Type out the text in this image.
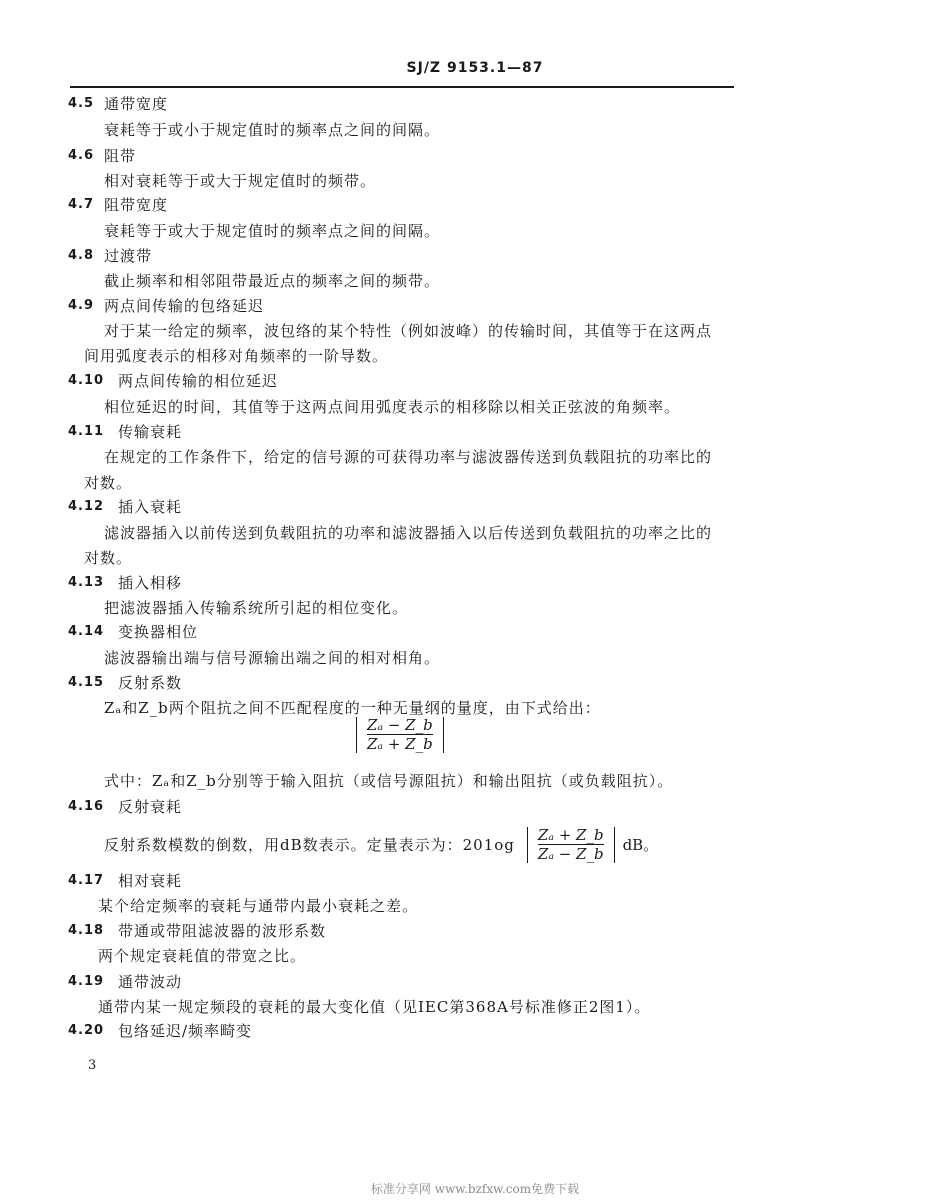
SJ/Z 9153.1—87
4.5 通带宽度
衰耗等于或小于规定值时的频率点之间的间隔。
4.6 阻带
相对衰耗等于或大于规定值时的频带。
4.7 阻带宽度
衰耗等于或大于规定值时的频率点之间的间隔。
4.8 过渡带
截止频率和相邻阻带最近点的频率之间的频带。
4.9 两点间传输的包络延迟
对于某一给定的频率，波包络的某个特性（例如波峰）的传输时间，其值等于在这两点
间用弧度表示的相移对角频率的一阶导数。
4.10 两点间传输的相位延迟
相位延迟的时间，其值等于这两点间用弧度表示的相移除以相关正弦波的角频率。
4.11 传输衰耗
在规定的工作条件下，给定的信号源的可获得功率与滤波器传送到负载阻抗的功率比的
对数。
4.12 插入衰耗
滤波器插入以前传送到负载阻抗的功率和滤波器插入以后传送到负载阻抗的功率之比的
对数。
4.13 插入相移
把滤波器插入传输系统所引起的相位变化。
4.14 变换器相位
滤波器输出端与信号源输出端之间的相对相角。
4.15 反射系数
Zₐ和Z_b两个阻抗之间不匹配程度的一种无量纲的量度，由下式给出：
$\frac{\text{Zₐ − Z\_b}}{\text{Zₐ + Z\_b}}$
式中：Zₐ和Z_b分别等于输入阻抗（或信号源阻抗）和输出阻抗（或负载阻抗）。
4.16 反射衰耗
反射系数模数的倒数，用dB数表示。定量表示为：$201og \frac{\text{Zₐ + Z\_b}}{\text{Zₐ − Z\_b}}$ dB。
4.17 相对衰耗
某个给定频率的衰耗与通带内最小衰耗之差。
4.18 带通或带阻滤波器的波形系数
两个规定衰耗值的带宽之比。
4.19 通带波动
通带内某一规定频段的衰耗的最大变化值（见IEC第368A号标准修正2图1）。
4.20 包络延迟/频率畸变
3
标准分享网 www.bzfxw.com免费下载
